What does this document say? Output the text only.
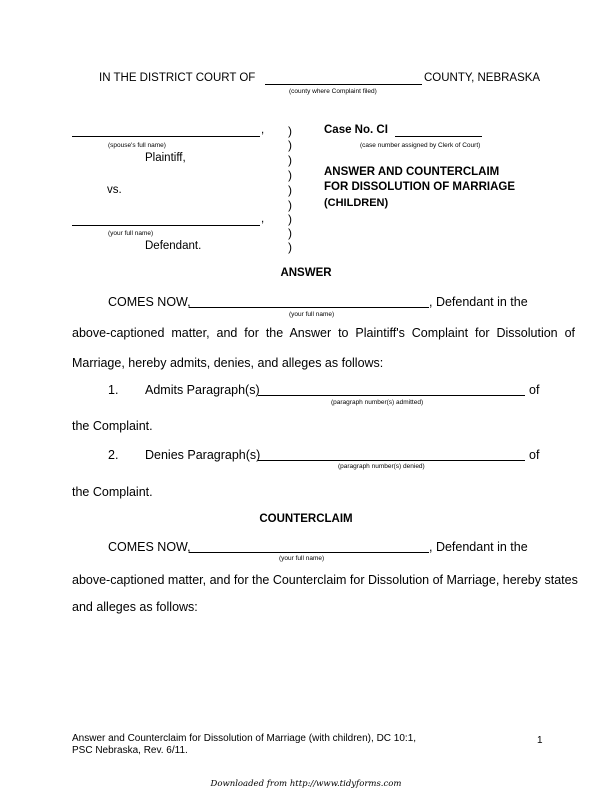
IN THE DISTRICT COURT OF	COUNTY, NEBRASKA
(county where Complaint filed)
,
(spouse's full name)
Plaintiff,
vs.
,
(your full name)
Defendant.
)
)
)
)
)
)
)
)
)
Case No. CI
(case number assigned by Clerk of Court)
ANSWER AND COUNTERCLAIM
FOR DISSOLUTION OF MARRIAGE
(CHILDREN)
ANSWER
COMES NOW,	, Defendant in the
(your full name)
above-captioned matter, and for the Answer to Plaintiff's Complaint for Dissolution of
Marriage, hereby admits, denies, and alleges as follows:
1. Admits Paragraph(s)	of
(paragraph number(s) admitted)
the Complaint.
2. Denies Paragraph(s)	of
(paragraph number(s) denied)
the Complaint.
COUNTERCLAIM
COMES NOW,	, Defendant in the
(your full name)
above-captioned matter, and for the Counterclaim for Dissolution of Marriage, hereby states
and alleges as follows:
Answer and Counterclaim for Dissolution of Marriage (with children), DC 10:1,
PSC Nebraska, Rev. 6/11.
1
Downloaded from http://www.tidyforms.com
